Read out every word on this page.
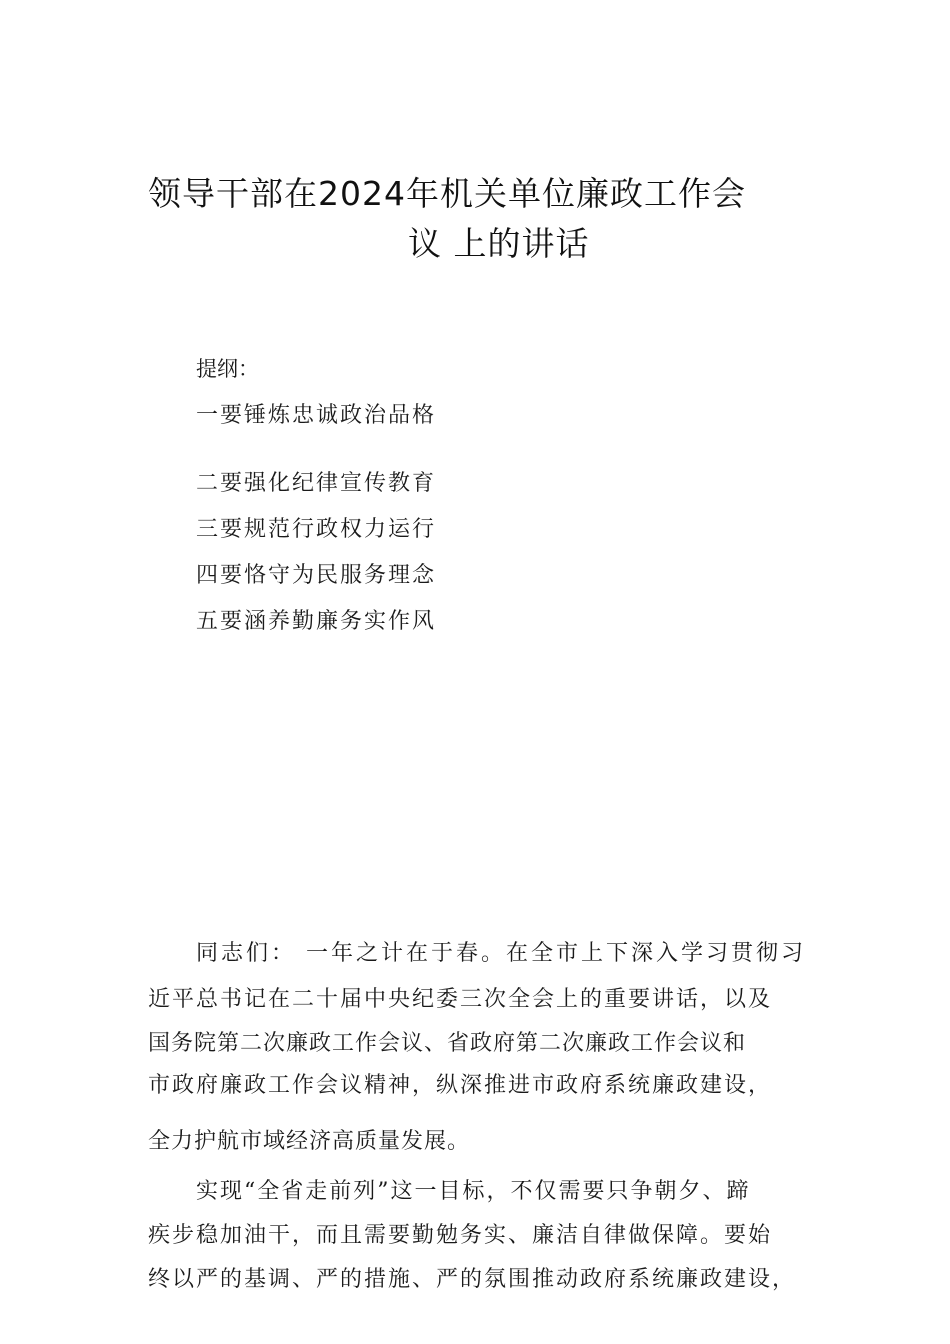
领导干部在2024年机关单位廉政工作会
议 上的讲话
提纲：
一要锤炼忠诚政治品格
二要强化纪律宣传教育
三要规范行政权力运行
四要恪守为民服务理念
五要涵养勤廉务实作风
同志们： 一年之计在于春。在全市上下深入学习贯彻习
近平总书记在二十届中央纪委三次全会上的重要讲话，以及
国务院第二次廉政工作会议、省政府第二次廉政工作会议和
市政府廉政工作会议精神，纵深推进市政府系统廉政建设，
全力护航市域经济高质量发展。
实现“全省走前列”这一目标，不仅需要只争朝夕、蹄
疾步稳加油干，而且需要勤勉务实、廉洁自律做保障。要始
终以严的基调、严的措施、严的氛围推动政府系统廉政建设，
